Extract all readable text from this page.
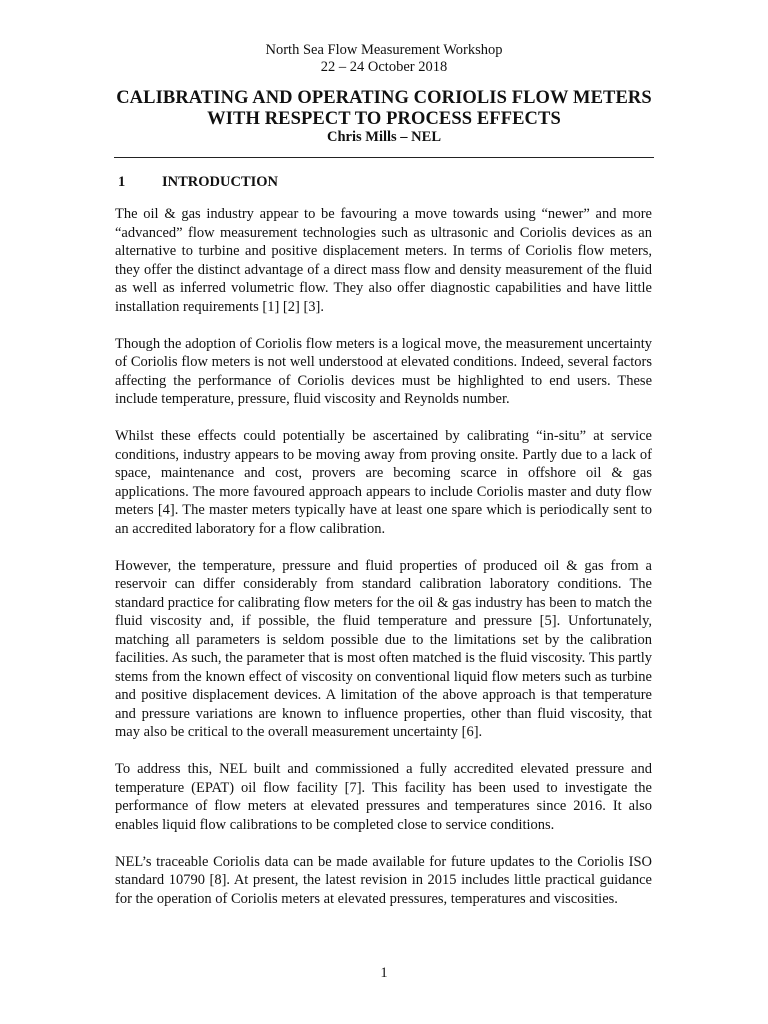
North Sea Flow Measurement Workshop
22 – 24 October 2018
CALIBRATING AND OPERATING CORIOLIS FLOW METERS
WITH RESPECT TO PROCESS EFFECTS
Chris Mills – NEL
1	INTRODUCTION

The oil & gas industry appear to be favouring a move towards using “newer” and more “advanced” flow measurement technologies such as ultrasonic and Coriolis devices as an alternative to turbine and positive displacement meters. In terms of Coriolis flow meters, they offer the distinct advantage of a direct mass flow and density measurement of the fluid as well as inferred volumetric flow. They also offer diagnostic capabilities and have little installation requirements [1] [2] [3].

Though the adoption of Coriolis flow meters is a logical move, the measurement uncertainty of Coriolis flow meters is not well understood at elevated conditions. Indeed, several factors affecting the performance of Coriolis devices must be highlighted to end users. These include temperature, pressure, fluid viscosity and Reynolds number.

Whilst these effects could potentially be ascertained by calibrating “in-situ” at service conditions, industry appears to be moving away from proving onsite. Partly due to a lack of space, maintenance and cost, provers are becoming scarce in offshore oil & gas applications. The more favoured approach appears to include Coriolis master and duty flow meters [4]. The master meters typically have at least one spare which is periodically sent to an accredited laboratory for a flow calibration.

However, the temperature, pressure and fluid properties of produced oil & gas from a reservoir can differ considerably from standard calibration laboratory conditions. The standard practice for calibrating flow meters for the oil & gas industry has been to match the fluid viscosity and, if possible, the fluid temperature and pressure [5]. Unfortunately, matching all parameters is seldom possible due to the limitations set by the calibration facilities. As such, the parameter that is most often matched is the fluid viscosity. This partly stems from the known effect of viscosity on conventional liquid flow meters such as turbine and positive displacement devices. A limitation of the above approach is that temperature and pressure variations are known to influence properties, other than fluid viscosity, that may also be critical to the overall measurement uncertainty [6].

To address this, NEL built and commissioned a fully accredited elevated pressure and temperature (EPAT) oil flow facility [7]. This facility has been used to investigate the performance of flow meters at elevated pressures and temperatures since 2016. It also enables liquid flow calibrations to be completed close to service conditions.

NEL’s traceable Coriolis data can be made available for future updates to the Coriolis ISO standard 10790 [8]. At present, the latest revision in 2015 includes little practical guidance for the operation of Coriolis meters at elevated pressures, temperatures and viscosities.

1
